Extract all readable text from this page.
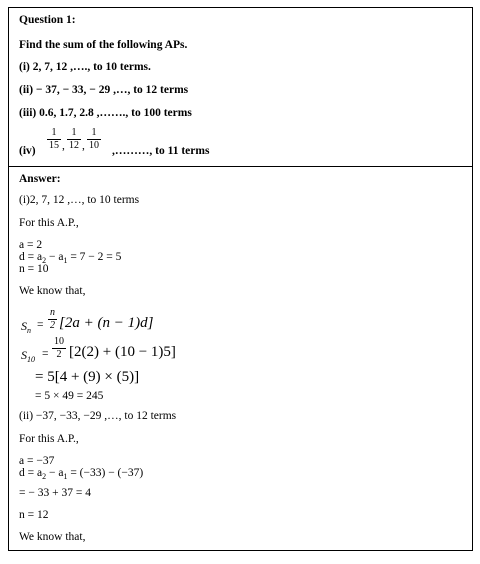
Question 1:
Find the sum of the following APs.
(i) 2, 7, 12 ,…., to 10 terms.
(ii) − 37, − 33, − 29 ,…, to 12 terms
(iii) 0.6, 1.7, 2.8 ,……., to 100 terms
(iv)
1
15 ,
1
12 ,
1
10 ,………, to 11 terms
Answer:
(i)2, 7, 12 ,…, to 10 terms
For this A.P.,
a = 2
$d = a_2 - a_1 = 7 - 2 = 5$
n = 10
We know that,
$S_n$ =
n
2 [2a + (n − 1)d]
$S_{10}$ =
10
2 [2(2) + (10 − 1)5]
= 5[4 + (9) × (5)]
= 5 × 49 = 245
(ii) −37, −33, −29 ,…, to 12 terms
For this A.P.,
a = −37
$d = a_2 - a_1 = (-33) - (-37)$
= − 33 + 37 = 4
n = 12
We know that,
